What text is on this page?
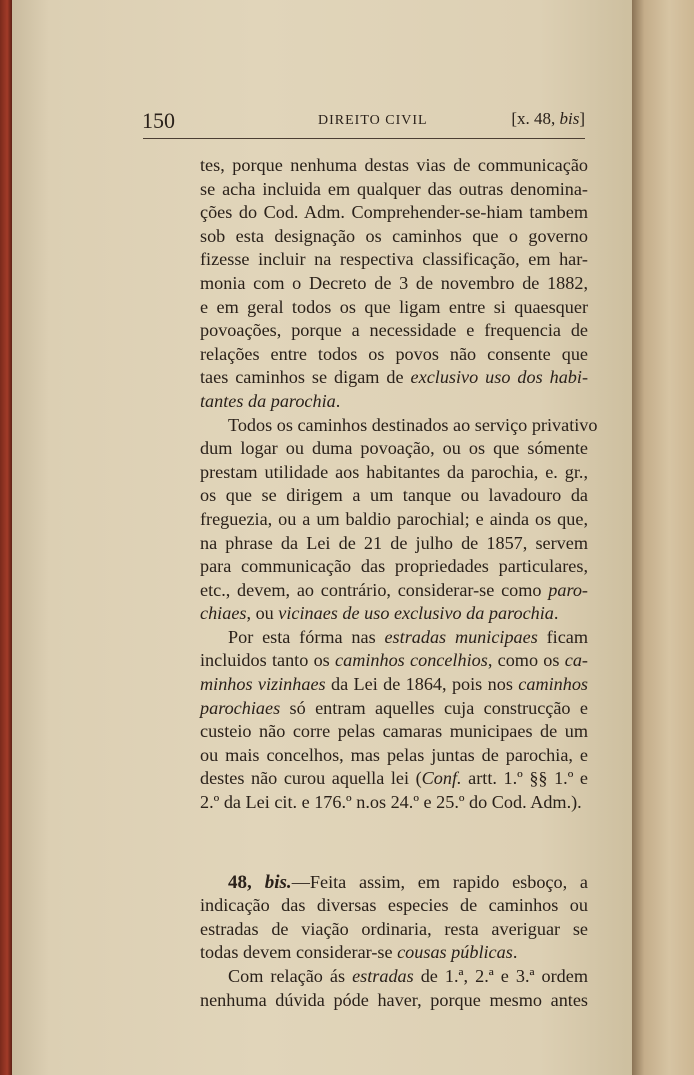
150	DIREITO CIVIL	[x. 48, bis]
tes, porque nenhuma destas vias de communicação
se acha incluida em qualquer das outras denomina-
ções do Cod. Adm. Comprehender-se-hiam tambem
sob esta designação os caminhos que o governo
fizesse incluir na respectiva classificação, em har-
monia com o Decreto de 3 de novembro de 1882,
e em geral todos os que ligam entre si quaesquer
povoações, porque a necessidade e frequencia de
relações entre todos os povos não consente que
taes caminhos se digam de exclusivo uso dos habi-
tantes da parochia.
Todos os caminhos destinados ao serviço privativo
dum logar ou duma povoação, ou os que sómente
prestam utilidade aos habitantes da parochia, e. gr.,
os que se dirigem a um tanque ou lavadouro da
freguezia, ou a um baldio parochial; e ainda os que,
na phrase da Lei de 21 de julho de 1857, servem
para communicação das propriedades particulares,
etc., devem, ao contrário, considerar-se como paro-
chiaes, ou vicinaes de uso exclusivo da parochia.
Por esta fórma nas estradas municipaes ficam
incluidos tanto os caminhos concelhios, como os ca-
minhos vizinhaes da Lei de 1864, pois nos caminhos
parochiaes só entram aquelles cuja construcção e
custeio não corre pelas camaras municipaes de um
ou mais concelhos, mas pelas juntas de parochia, e
destes não curou aquella lei (Conf. artt. 1.º §§ 1.º e
2.º da Lei cit. e 176.º n.os 24.º e 25.º do Cod. Adm.).
48, bis.—Feita assim, em rapido esboço, a
indicação das diversas especies de caminhos ou
estradas de viação ordinaria, resta averiguar se
todas devem considerar-se cousas públicas.
Com relação ás estradas de 1.ª, 2.ª e 3.ª ordem
nenhuma dúvida póde haver, porque mesmo antes
